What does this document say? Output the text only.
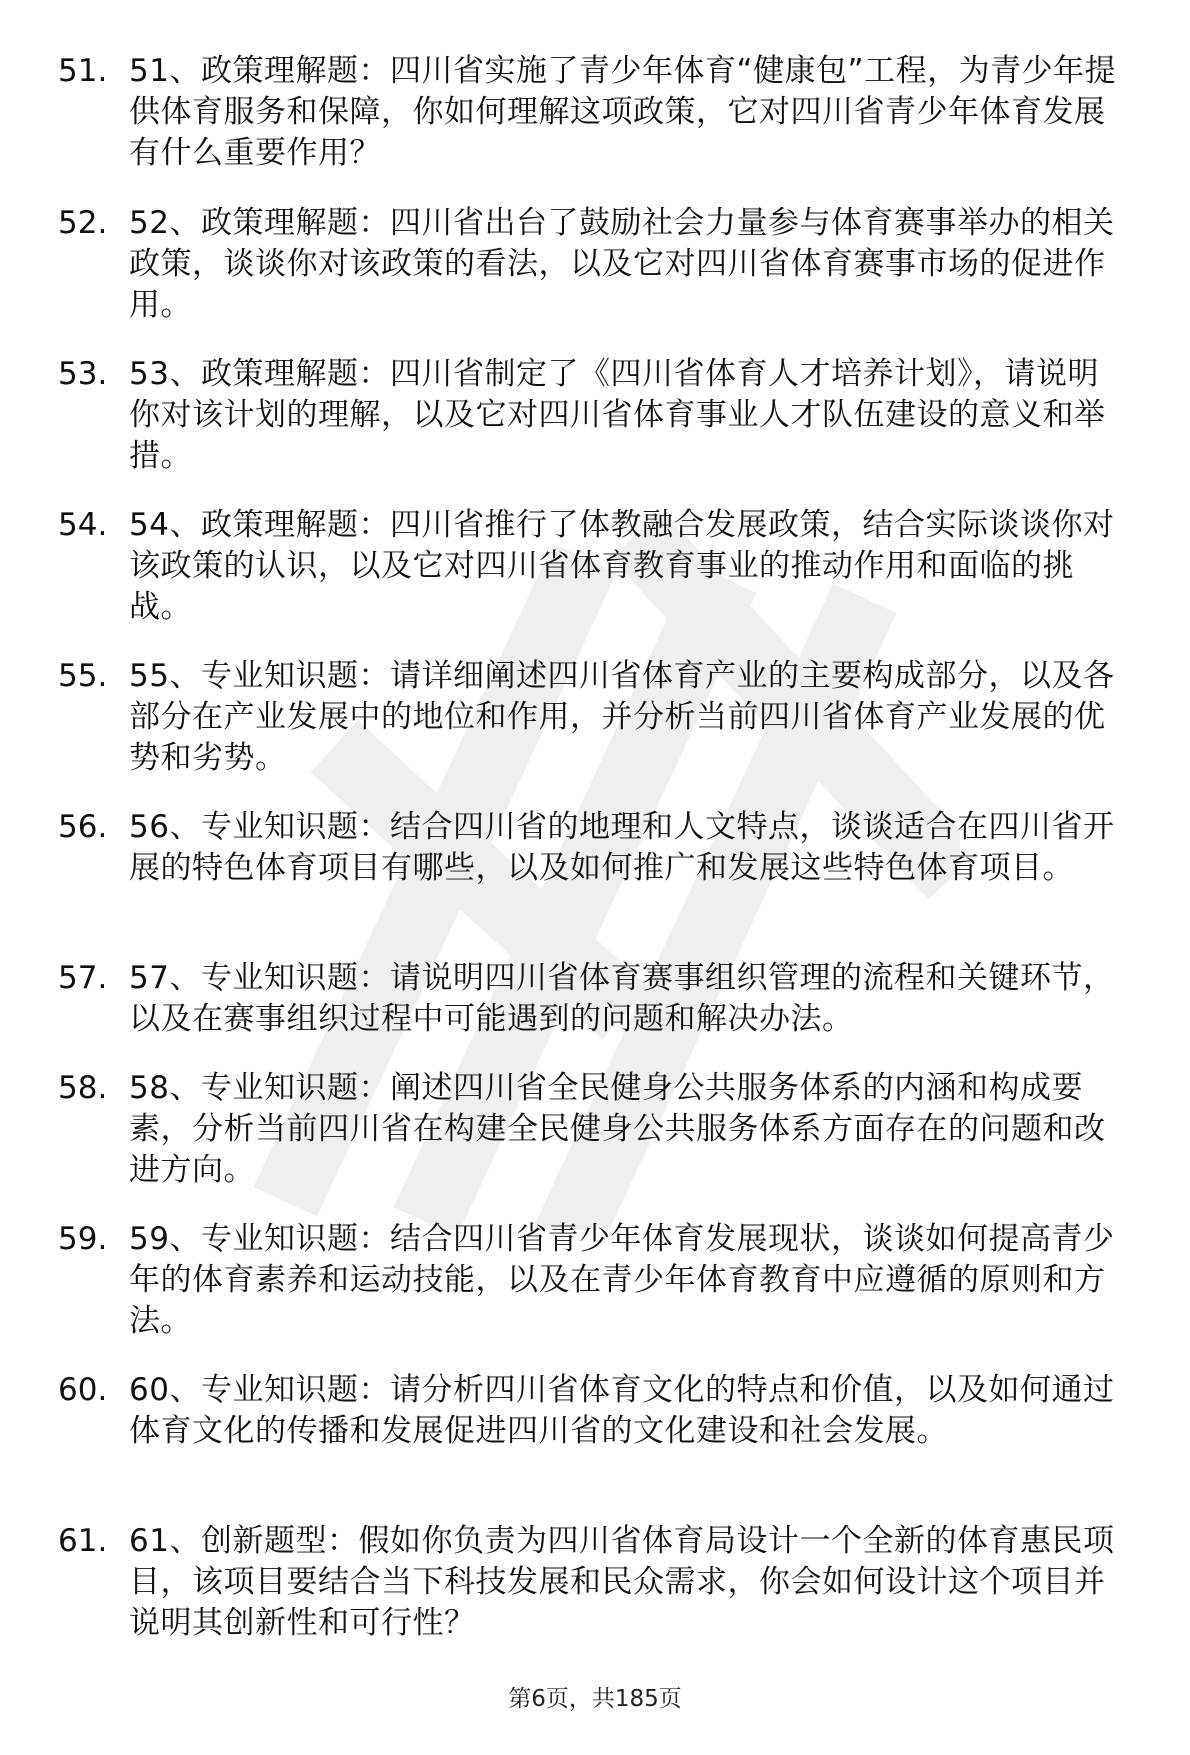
51. 51、政策理解题：四川省实施了青少年体育“健康包”工程，为青少年提供体育服务和保障，你如何理解这项政策，它对四川省青少年体育发展有什么重要作用？
52. 52、政策理解题：四川省出台了鼓励社会力量参与体育赛事举办的相关政策，谈谈你对该政策的看法，以及它对四川省体育赛事市场的促进作用。
53. 53、政策理解题：四川省制定了《四川省体育人才培养计划》，请说明你对该计划的理解，以及它对四川省体育事业人才队伍建设的意义和举措。
54. 54、政策理解题：四川省推行了体教融合发展政策，结合实际谈谈你对该政策的认识，以及它对四川省体育教育事业的推动作用和面临的挑战。
55. 55、专业知识题：请详细阐述四川省体育产业的主要构成部分，以及各部分在产业发展中的地位和作用，并分析当前四川省体育产业发展的优势和劣势。
56. 56、专业知识题：结合四川省的地理和人文特点，谈谈适合在四川省开展的特色体育项目有哪些，以及如何推广和发展这些特色体育项目。
57. 57、专业知识题：请说明四川省体育赛事组织管理的流程和关键环节，以及在赛事组织过程中可能遇到的问题和解决办法。
58. 58、专业知识题：阐述四川省全民健身公共服务体系的内涵和构成要素，分析当前四川省在构建全民健身公共服务体系方面存在的问题和改进方向。
59. 59、专业知识题：结合四川省青少年体育发展现状，谈谈如何提高青少年的体育素养和运动技能，以及在青少年体育教育中应遵循的原则和方法。
60. 60、专业知识题：请分析四川省体育文化的特点和价值，以及如何通过体育文化的传播和发展促进四川省的文化建设和社会发展。
61. 61、创新题型：假如你负责为四川省体育局设计一个全新的体育惠民项目，该项目要结合当下科技发展和民众需求，你会如何设计这个项目并说明其创新性和可行性？
第6页，共185页
